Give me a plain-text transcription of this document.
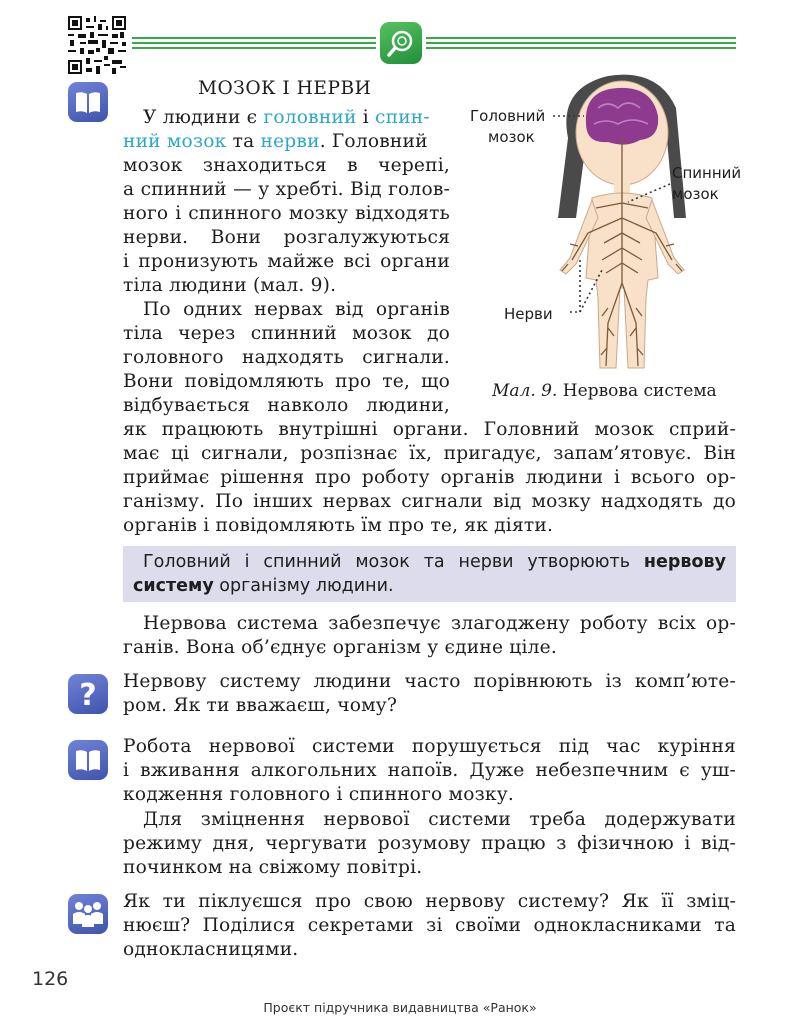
МОЗОК І НЕРВИ

У людини є головний і спин-

ний мозок та нерви. Головний

мозок знаходиться в черепі,

а спинний — у хребті. Від голов-

ного і спинного мозку відходять

нерви. Вони розгалужуються

і пронизують майже всі органи

тіла людини (мал. 9).

По одних нервах від органів

тіла через спинний мозок до

головного надходять сигнали.

Вони повідомляють про те, що

відбувається навколо людини,

як працюють внутрішні органи. Головний мозок сприй-

має ці сигнали, розпізнає їх, пригадує, запам’ятовує. Він

приймає рішення про роботу органів людини і всього ор-

ганізму. По інших нервах сигнали від мозку надходять до

органів і повідомляють їм про те, як діяти.

Головний
мозок
Спинний
мозок
Нерви
Мал. 9. Нервова система

Головний і спинний мозок та нерви утворюють нервову

систему організму людини.

Нервова система забезпечує злагоджену роботу всіх ор-

ганів. Вона об’єднує організм у єдине ціле.

? Нервову систему людини часто порівнюють із комп’юте-

ром. Як ти вважаєш, чому?

Робота нервової системи порушується під час куріння

і вживання алкогольних напоїв. Дуже небезпечним є уш-

кодження головного і спинного мозку.

Для зміцнення нервової системи треба додержувати

режиму дня, чергувати розумову працю з фізичною і від-

починком на свіжому повітрі.

Як ти піклуєшся про свою нервову систему? Як її зміц-

нюєш? Поділися секретами зі своїми однокласниками та

однокласницями.

126
Проєкт підручника видавництва «Ранок»
